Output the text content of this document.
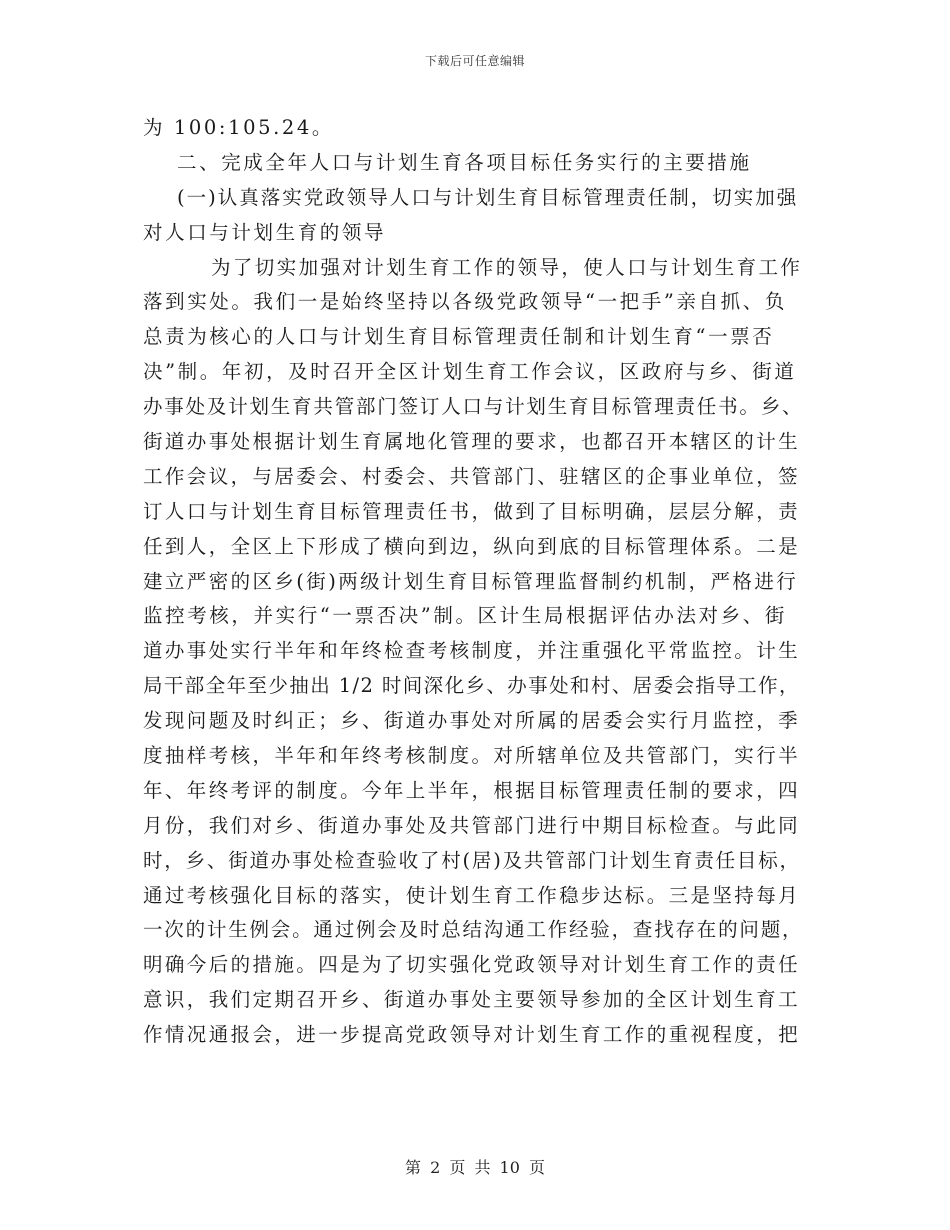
下载后可任意编辑
为 100:105.24。
二、完成全年人口与计划生育各项目标任务实行的主要措施
(一)认真落实党政领导人口与计划生育目标管理责任制，切实加强
对人口与计划生育的领导
为了切实加强对计划生育工作的领导，使人口与计划生育工作
落到实处。我们一是始终坚持以各级党政领导“一把手”亲自抓、负
总责为核心的人口与计划生育目标管理责任制和计划生育“一票否
决”制。年初，及时召开全区计划生育工作会议，区政府与乡、街道
办事处及计划生育共管部门签订人口与计划生育目标管理责任书。乡、
街道办事处根据计划生育属地化管理的要求，也都召开本辖区的计生
工作会议，与居委会、村委会、共管部门、驻辖区的企事业单位，签
订人口与计划生育目标管理责任书，做到了目标明确，层层分解，责
任到人，全区上下形成了横向到边，纵向到底的目标管理体系。二是
建立严密的区乡(街)两级计划生育目标管理监督制约机制，严格进行
监控考核，并实行“一票否决”制。区计生局根据评估办法对乡、街
道办事处实行半年和年终检查考核制度，并注重强化平常监控。计生
局干部全年至少抽出 1/2 时间深化乡、办事处和村、居委会指导工作，
发现问题及时纠正；乡、街道办事处对所属的居委会实行月监控，季
度抽样考核，半年和年终考核制度。对所辖单位及共管部门，实行半
年、年终考评的制度。今年上半年，根据目标管理责任制的要求，四
月份，我们对乡、街道办事处及共管部门进行中期目标检查。与此同
时，乡、街道办事处检查验收了村(居)及共管部门计划生育责任目标，
通过考核强化目标的落实，使计划生育工作稳步达标。三是坚持每月
一次的计生例会。通过例会及时总结沟通工作经验，查找存在的问题，
明确今后的措施。四是为了切实强化党政领导对计划生育工作的责任
意识，我们定期召开乡、街道办事处主要领导参加的全区计划生育工
作情况通报会，进一步提高党政领导对计划生育工作的重视程度，把
第 2 页 共 10 页
